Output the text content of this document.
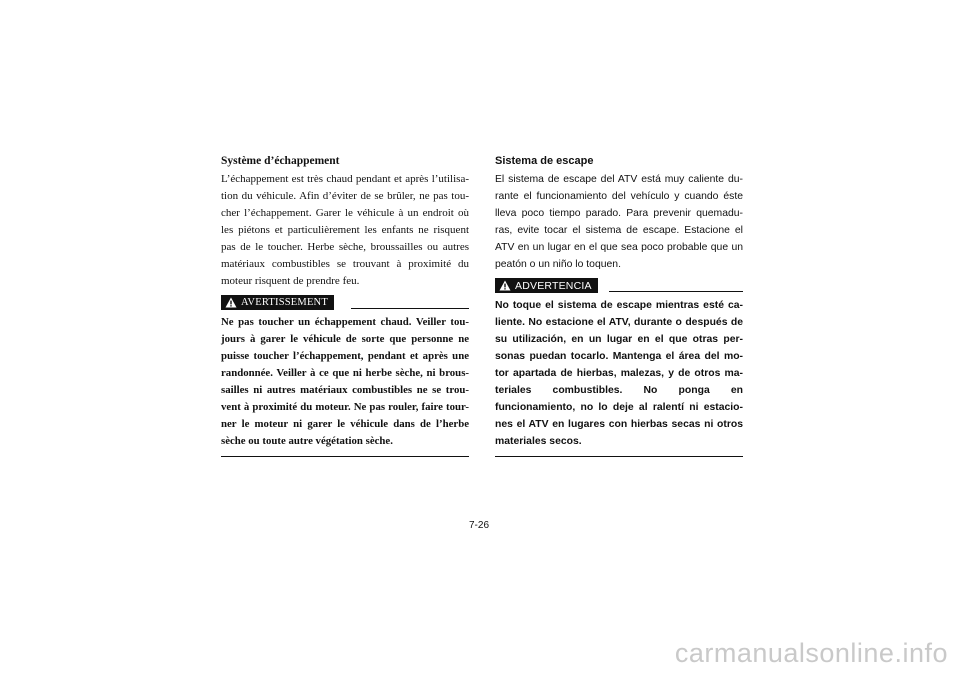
Système d’échappement

L’échappement est très chaud pendant et après l’utilisa-tion du véhicule. Afin d’éviter de se brûler, ne pas tou-cher l’échappement. Garer le véhicule à un endroit où les piétons et particulièrement les enfants ne risquent pas de le toucher. Herbe sèche, broussailles ou autres matériaux combustibles se trouvant à proximité du moteur risquent de prendre feu.

AVERTISSEMENT

Ne pas toucher un échappement chaud. Veiller tou-jours à garer le véhicule de sorte que personne ne puisse toucher l’échappement, pendant et après une randonnée. Veiller à ce que ni herbe sèche, ni brous-sailles ni autres matériaux combustibles ne se trou-vent à proximité du moteur. Ne pas rouler, faire tour-ner le moteur ni garer le véhicule dans de l’herbe sèche ou toute autre végétation sèche.

Sistema de escape

El sistema de escape del ATV está muy caliente du-rante el funcionamiento del vehículo y cuando éste lleva poco tiempo parado. Para prevenir quemadu-ras, evite tocar el sistema de escape. Estacione el ATV en un lugar en el que sea poco probable que un peatón o un niño lo toquen.

ADVERTENCIA

No toque el sistema de escape mientras esté ca-liente. No estacione el ATV, durante o después de su utilización, en un lugar en el que otras per-sonas puedan tocarlo. Mantenga el área del mo-tor apartada de hierbas, malezas, y de otros ma-teriales combustibles. No ponga en funcionamiento, no lo deje al ralentí ni estacio-nes el ATV en lugares con hierbas secas ni otros materiales secos.

7-26
carmanualsonline.info
